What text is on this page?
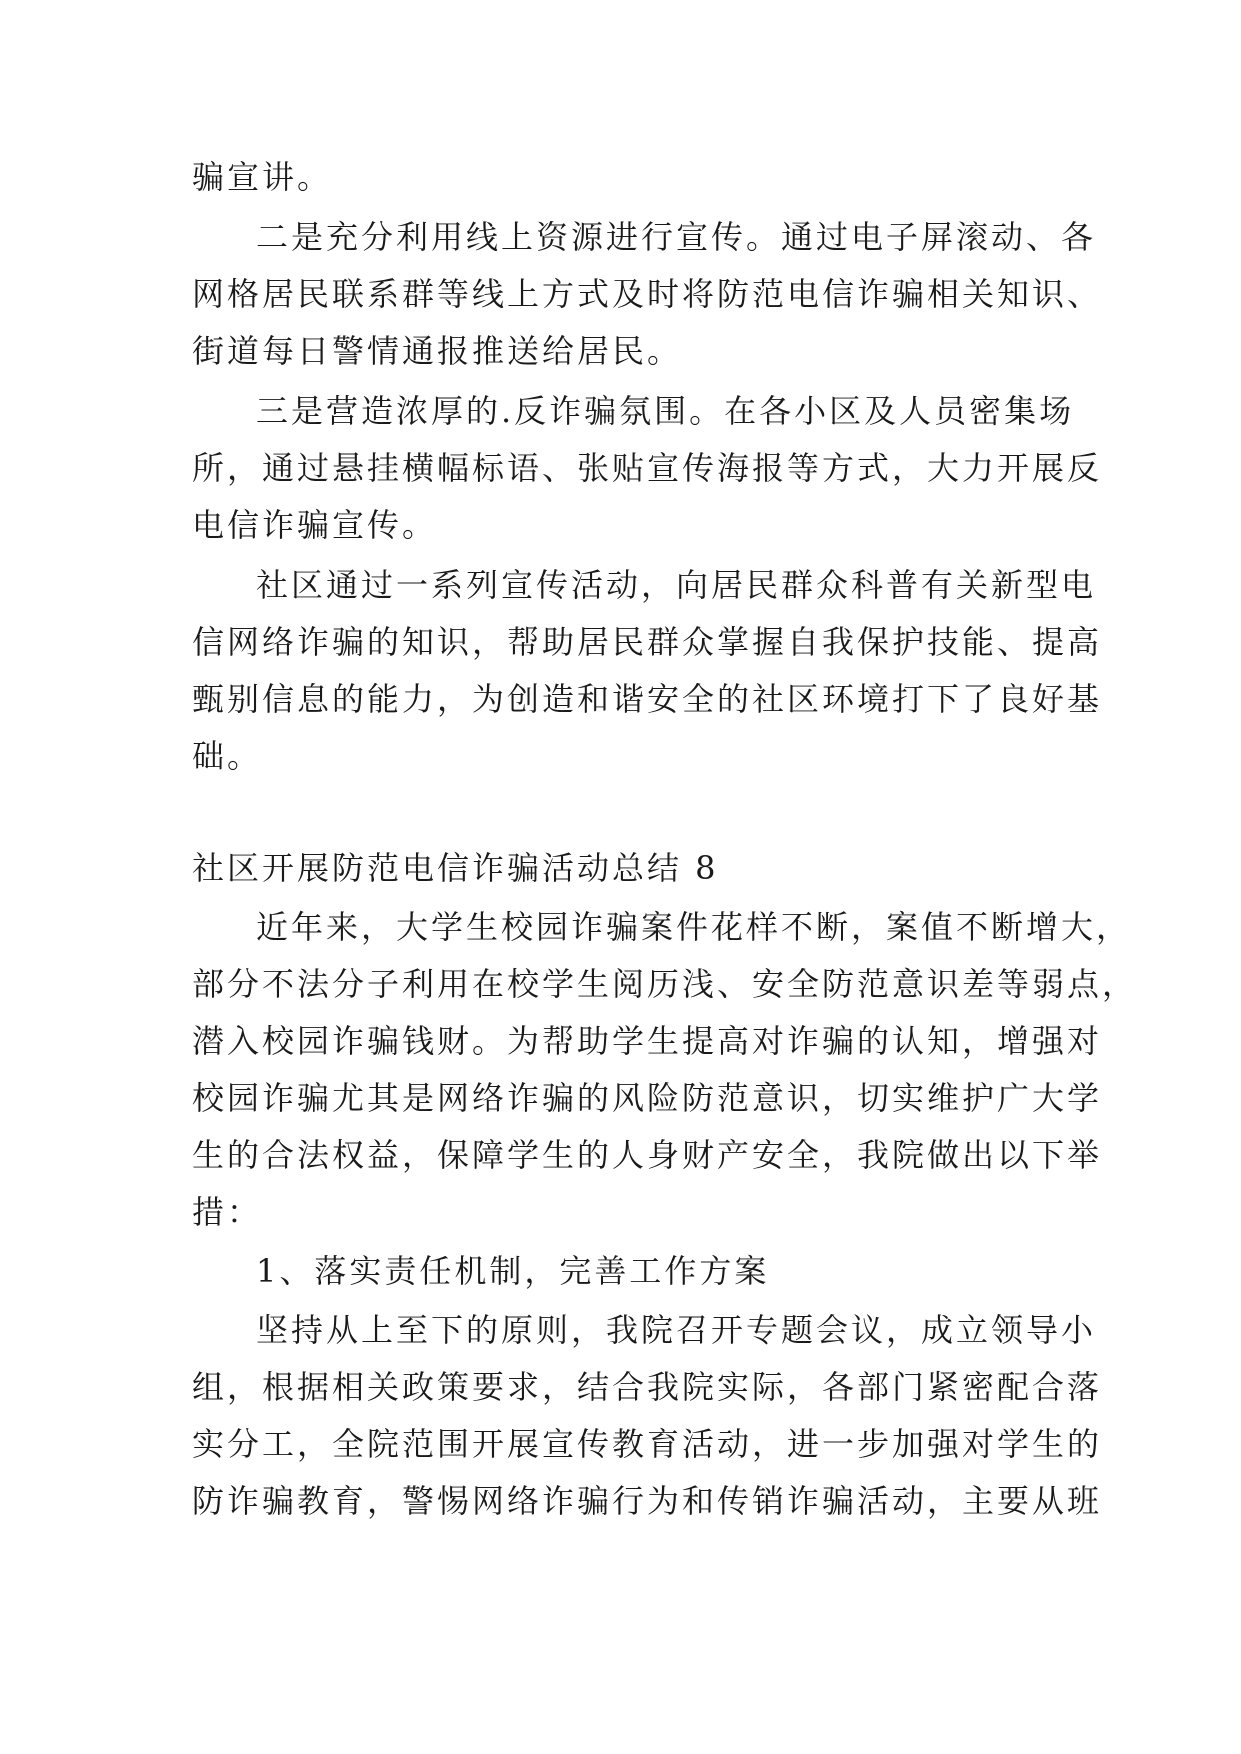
骗宣讲。
二是充分利用线上资源进行宣传。通过电子屏滚动、各
网格居民联系群等线上方式及时将防范电信诈骗相关知识、
街道每日警情通报推送给居民。
三是营造浓厚的.反诈骗氛围。在各小区及人员密集场
所，通过悬挂横幅标语、张贴宣传海报等方式，大力开展反
电信诈骗宣传。
社区通过一系列宣传活动，向居民群众科普有关新型电
信网络诈骗的知识，帮助居民群众掌握自我保护技能、提高
甄别信息的能力，为创造和谐安全的社区环境打下了良好基
础。
社区开展防范电信诈骗活动总结 8
近年来，大学生校园诈骗案件花样不断，案值不断增大，
部分不法分子利用在校学生阅历浅、安全防范意识差等弱点，
潜入校园诈骗钱财。为帮助学生提高对诈骗的认知，增强对
校园诈骗尤其是网络诈骗的风险防范意识，切实维护广大学
生的合法权益，保障学生的人身财产安全，我院做出以下举
措：
1、落实责任机制，完善工作方案
坚持从上至下的原则，我院召开专题会议，成立领导小
组，根据相关政策要求，结合我院实际，各部门紧密配合落
实分工，全院范围开展宣传教育活动，进一步加强对学生的
防诈骗教育，警惕网络诈骗行为和传销诈骗活动，主要从班
